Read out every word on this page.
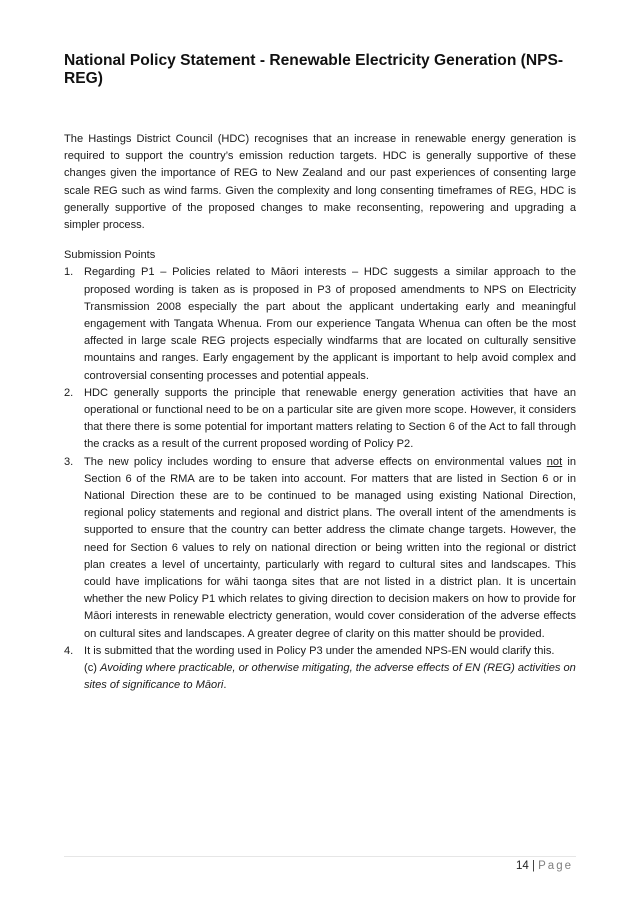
National Policy Statement - Renewable Electricity Generation (NPS-REG)

The Hastings District Council (HDC) recognises that an increase in renewable energy generation is required to support the country’s emission reduction targets. HDC is generally supportive of these changes given the importance of REG to New Zealand and our past experiences of consenting large scale REG such as wind farms. Given the complexity and long consenting timeframes of REG, HDC is generally supportive of the proposed changes to make reconsenting, repowering and upgrading a simpler process.

Submission Points
1. Regarding P1 – Policies related to Māori interests – HDC suggests a similar approach to the proposed wording is taken as is proposed in P3 of proposed amendments to NPS on Electricity Transmission 2008 especially the part about the applicant undertaking early and meaningful engagement with Tangata Whenua. From our experience Tangata Whenua can often be the most affected in large scale REG projects especially windfarms that are located on culturally sensitive mountains and ranges. Early engagement by the applicant is important to help avoid complex and controversial consenting processes and potential appeals.
2. HDC generally supports the principle that renewable energy generation activities that have an operational or functional need to be on a particular site are given more scope. However, it considers that there there is some potential for important matters relating to Section 6 of the Act to fall through the cracks as a result of the current proposed wording of Policy P2.
3. The new policy includes wording to ensure that adverse effects on environmental values not in Section 6 of the RMA are to be taken into account. For matters that are listed in Section 6 or in National Direction these are to be continued to be managed using existing National Direction, regional policy statements and regional and district plans. The overall intent of the amendments is supported to ensure that the country can better address the climate change targets. However, the need for Section 6 values to rely on national direction or being written into the regional or district plan creates a level of uncertainty, particularly with regard to cultural sites and landscapes. This could have implications for wāhi taonga sites that are not listed in a district plan. It is uncertain whether the new Policy P1 which relates to giving direction to decision makers on how to provide for Māori interests in renewable electricty generation, would cover consideration of the adverse effects on cultural sites and landscapes. A greater degree of clarity on this matter should be provided.
4. It is submitted that the wording used in Policy P3 under the amended NPS-EN would clarify this.
(c) Avoiding where practicable, or otherwise mitigating, the adverse effects of EN (REG) activities on sites of significance to Māori.
14 | Page
